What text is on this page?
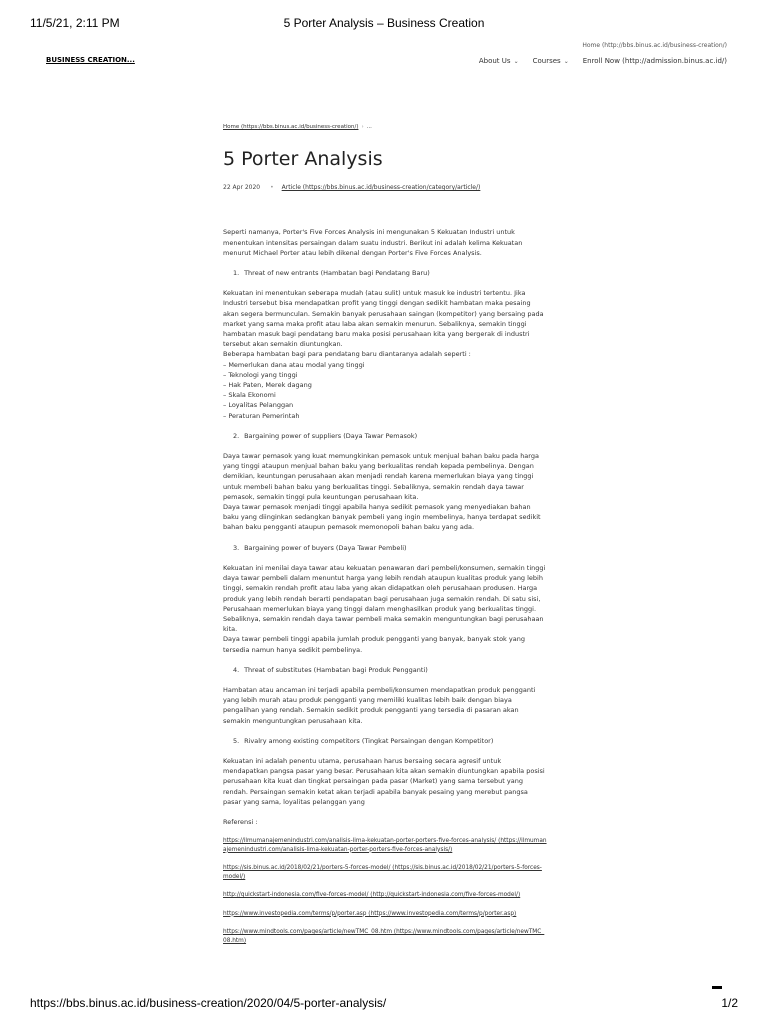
11/5/21, 2:11 PM	5 Porter Analysis – Business Creation
Home (http://bbs.binus.ac.id/business-creation/)
BUSINESS CREATION...	About Us ⌄ Courses ⌄ Enroll Now (http://admission.binus.ac.id/)
Home (https://bbs.binus.ac.id/business-creation/) › ...
5 Porter Analysis
22 Apr 2020 • Article (https://bbs.binus.ac.id/business-creation/category/article/)

Seperti namanya, Porter's Five Forces Analysis ini mengunakan 5 Kekuatan Industri untuk menentukan intensitas persaingan dalam suatu industri. Berikut ini adalah kelima Kekuatan menurut Michael Porter atau lebih dikenal dengan Porter's Five Forces Analysis.

1. Threat of new entrants (Hambatan bagi Pendatang Baru)
Kekuatan ini menentukan seberapa mudah (atau sulit) untuk masuk ke industri tertentu. Jika Industri tersebut bisa mendapatkan profit yang tinggi dengan sedikit hambatan maka pesaing akan segera bermunculan. Semakin banyak perusahaan saingan (kompetitor) yang bersaing pada market yang sama maka profit atau laba akan semakin menurun. Sebaliknya, semakin tinggi hambatan masuk bagi pendatang baru maka posisi perusahaan kita yang bergerak di industri tersebut akan semakin diuntungkan.
Beberapa hambatan bagi para pendatang baru diantaranya adalah seperti :
– Memerlukan dana atau modal yang tinggi
– Teknologi yang tinggi
– Hak Paten, Merek dagang
– Skala Ekonomi
– Loyalitas Pelanggan
– Peraturan Pemerintah
2. Bargaining power of suppliers (Daya Tawar Pemasok)
Daya tawar pemasok yang kuat memungkinkan pemasok untuk menjual bahan baku pada harga yang tinggi ataupun menjual bahan baku yang berkualitas rendah kepada pembelinya. Dengan demikian, keuntungan perusahaan akan menjadi rendah karena memerlukan biaya yang tinggi untuk membeli bahan baku yang berkualitas tinggi. Sebaliknya, semakin rendah daya tawar pemasok, semakin tinggi pula keuntungan perusahaan kita.
Daya tawar pemasok menjadi tinggi apabila hanya sedikit pemasok yang menyediakan bahan baku yang diinginkan sedangkan banyak pembeli yang ingin membelinya, hanya terdapat sedikit bahan baku pengganti ataupun pemasok memonopoli bahan baku yang ada.
3. Bargaining power of buyers (Daya Tawar Pembeli)
Kekuatan ini menilai daya tawar atau kekuatan penawaran dari pembeli/konsumen, semakin tinggi daya tawar pembeli dalam menuntut harga yang lebih rendah ataupun kualitas produk yang lebih tinggi, semakin rendah profit atau laba yang akan didapatkan oleh perusahaan produsen. Harga produk yang lebih rendah berarti pendapatan bagi perusahaan juga semakin rendah. Di satu sisi, Perusahaan memerlukan biaya yang tinggi dalam menghasilkan produk yang berkualitas tinggi. Sebaliknya, semakin rendah daya tawar pembeli maka semakin menguntungkan bagi perusahaan kita.
Daya tawar pembeli tinggi apabila jumlah produk pengganti yang banyak, banyak stok yang tersedia namun hanya sedikit pembelinya.
4. Threat of substitutes (Hambatan bagi Produk Pengganti)
Hambatan atau ancaman ini terjadi apabila pembeli/konsumen mendapatkan produk pengganti yang lebih murah atau produk pengganti yang memiliki kualitas lebih baik dengan biaya pengalihan yang rendah. Semakin sedikit produk pengganti yang tersedia di pasaran akan semakin menguntungkan perusahaan kita.
5. Rivalry among existing competitors (Tingkat Persaingan dengan Kompetitor)
Kekuatan ini adalah penentu utama, perusahaan harus bersaing secara agresif untuk mendapatkan pangsa pasar yang besar. Perusahaan kita akan semakin diuntungkan apabila posisi perusahaan kita kuat dan tingkat persaingan pada pasar (Market) yang sama tersebut yang rendah. Persaingan semakin ketat akan terjadi apabila banyak pesaing yang merebut pangsa pasar yang sama, loyalitas pelanggan yang
Referensi :
https://ilmumanajemenindustri.com/analisis-lima-kekuatan-porter-porters-five-forces-analysis/ (https://ilmumanajemenindustri.com/analisis-lima-kekuatan-porter-porters-five-forces-analysis/)
https://sis.binus.ac.id/2018/02/21/porters-5-forces-model/ (https://sis.binus.ac.id/2018/02/21/porters-5-forces-model/)
http://quickstart-indonesia.com/five-forces-model/ (http://quickstart-indonesia.com/five-forces-model/)
https://www.investopedia.com/terms/p/porter.asp (https://www.investopedia.com/terms/p/porter.asp)
https://www.mindtools.com/pages/article/newTMC_08.htm (https://www.mindtools.com/pages/article/newTMC_08.htm)
https://bbs.binus.ac.id/business-creation/2020/04/5-porter-analysis/	1/2
